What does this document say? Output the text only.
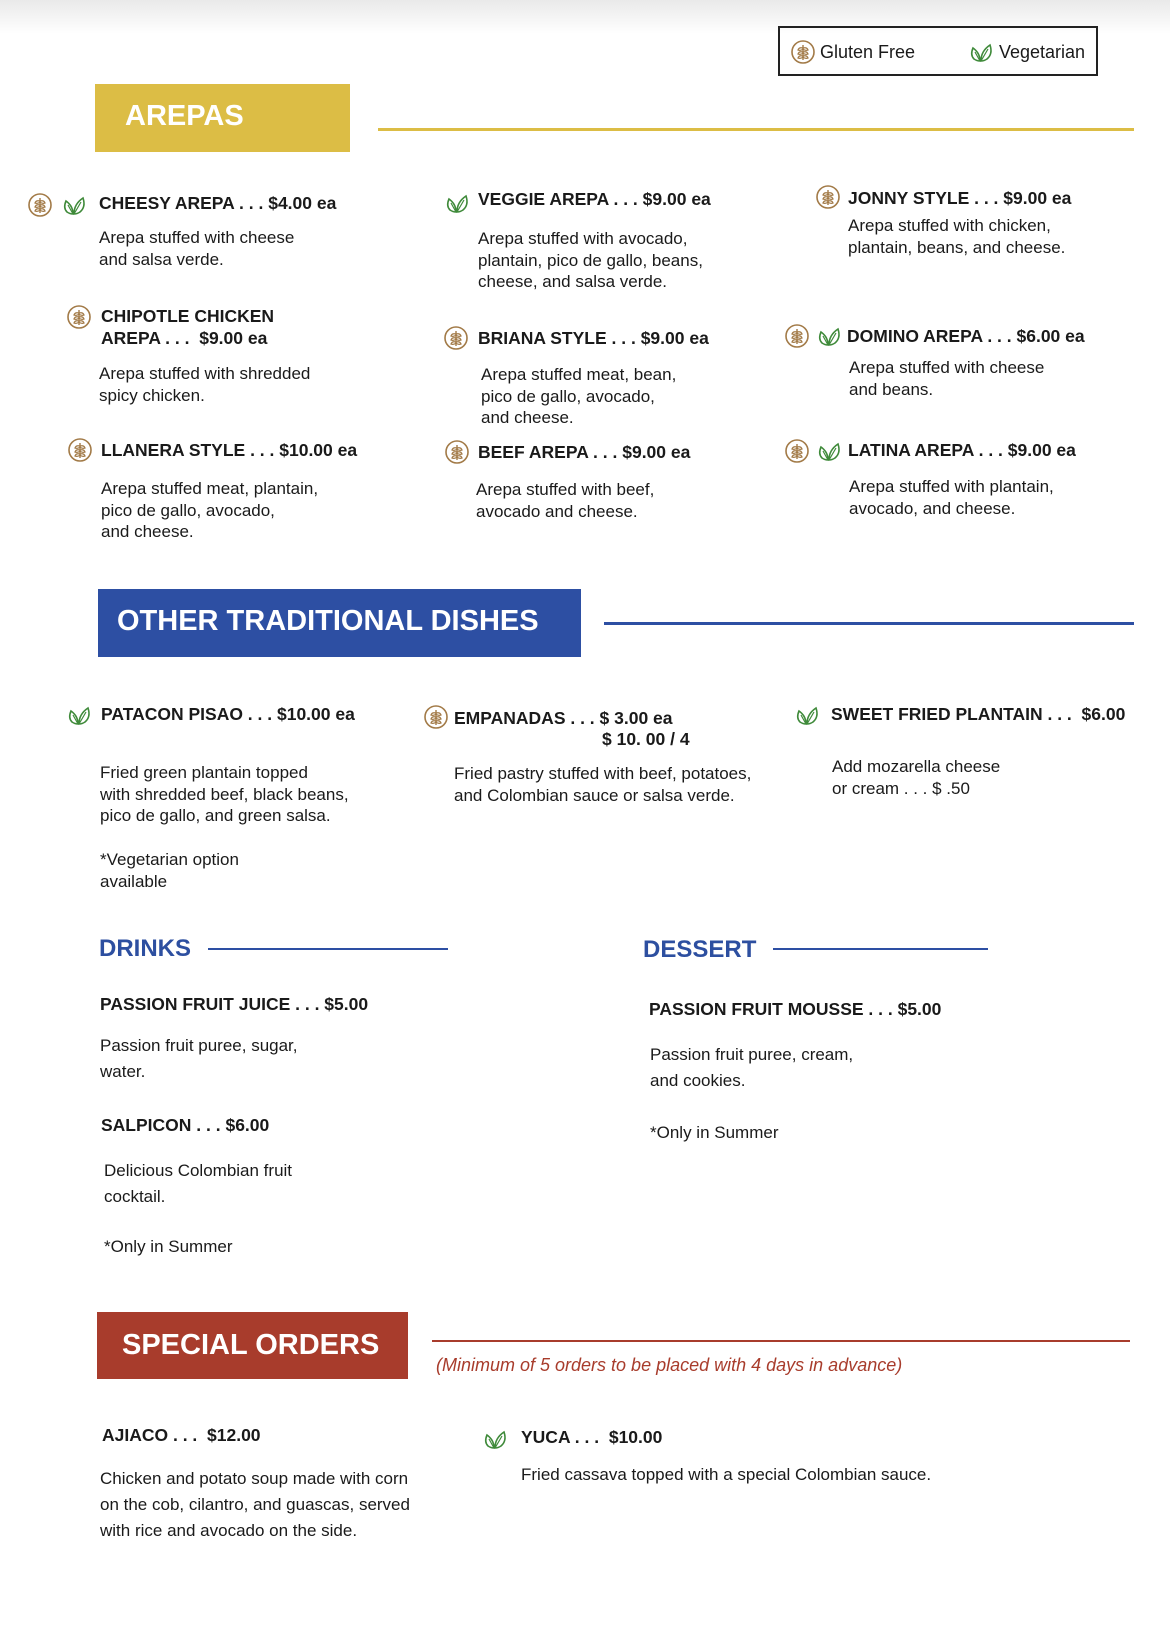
Gluten Free	Vegetarian
AREPAS
CHEESY AREPA . . . $4.00 ea
Arepa stuffed with cheese
and salsa verde.
VEGGIE AREPA . . . $9.00 ea
Arepa stuffed with avocado,
plantain, pico de gallo, beans,
cheese, and salsa verde.
JONNY STYLE . . . $9.00 ea
Arepa stuffed with chicken,
plantain, beans, and cheese.
CHIPOTLE CHICKEN
AREPA . . .  $9.00 ea
Arepa stuffed with shredded
spicy chicken.
BRIANA STYLE . . . $9.00 ea
Arepa stuffed meat, bean,
pico de gallo, avocado,
and cheese.
DOMINO AREPA . . . $6.00 ea
Arepa stuffed with cheese
and beans.
LLANERA STYLE . . . $10.00 ea
Arepa stuffed meat, plantain,
pico de gallo, avocado,
and cheese.
BEEF AREPA . . . $9.00 ea
Arepa stuffed with beef,
avocado and cheese.
LATINA AREPA . . . $9.00 ea
Arepa stuffed with plantain,
avocado, and cheese.
OTHER TRADITIONAL DISHES
PATACON PISAO . . . $10.00 ea
Fried green plantain topped
with shredded beef, black beans,
pico de gallo, and green salsa.
*Vegetarian option
available
EMPANADAS . . . $ 3.00 ea
$ 10. 00 / 4
Fried pastry stuffed with beef, potatoes,
and Colombian sauce or salsa verde.
SWEET FRIED PLANTAIN . . .  $6.00
Add mozarella cheese
or cream . . . $ .50
DRINKS
PASSION FRUIT JUICE . . . $5.00
Passion fruit puree, sugar,
water.
SALPICON . . . $6.00
Delicious Colombian fruit
cocktail.
*Only in Summer
DESSERT
PASSION FRUIT MOUSSE . . . $5.00
Passion fruit puree, cream,
and cookies.
*Only in Summer
SPECIAL ORDERS
(Minimum of 5 orders to be placed with 4 days in advance)
AJIACO . . .  $12.00
Chicken and potato soup made with corn
on the cob, cilantro, and guascas, served
with rice and avocado on the side.
YUCA . . .  $10.00
Fried cassava topped with a special Colombian sauce.
